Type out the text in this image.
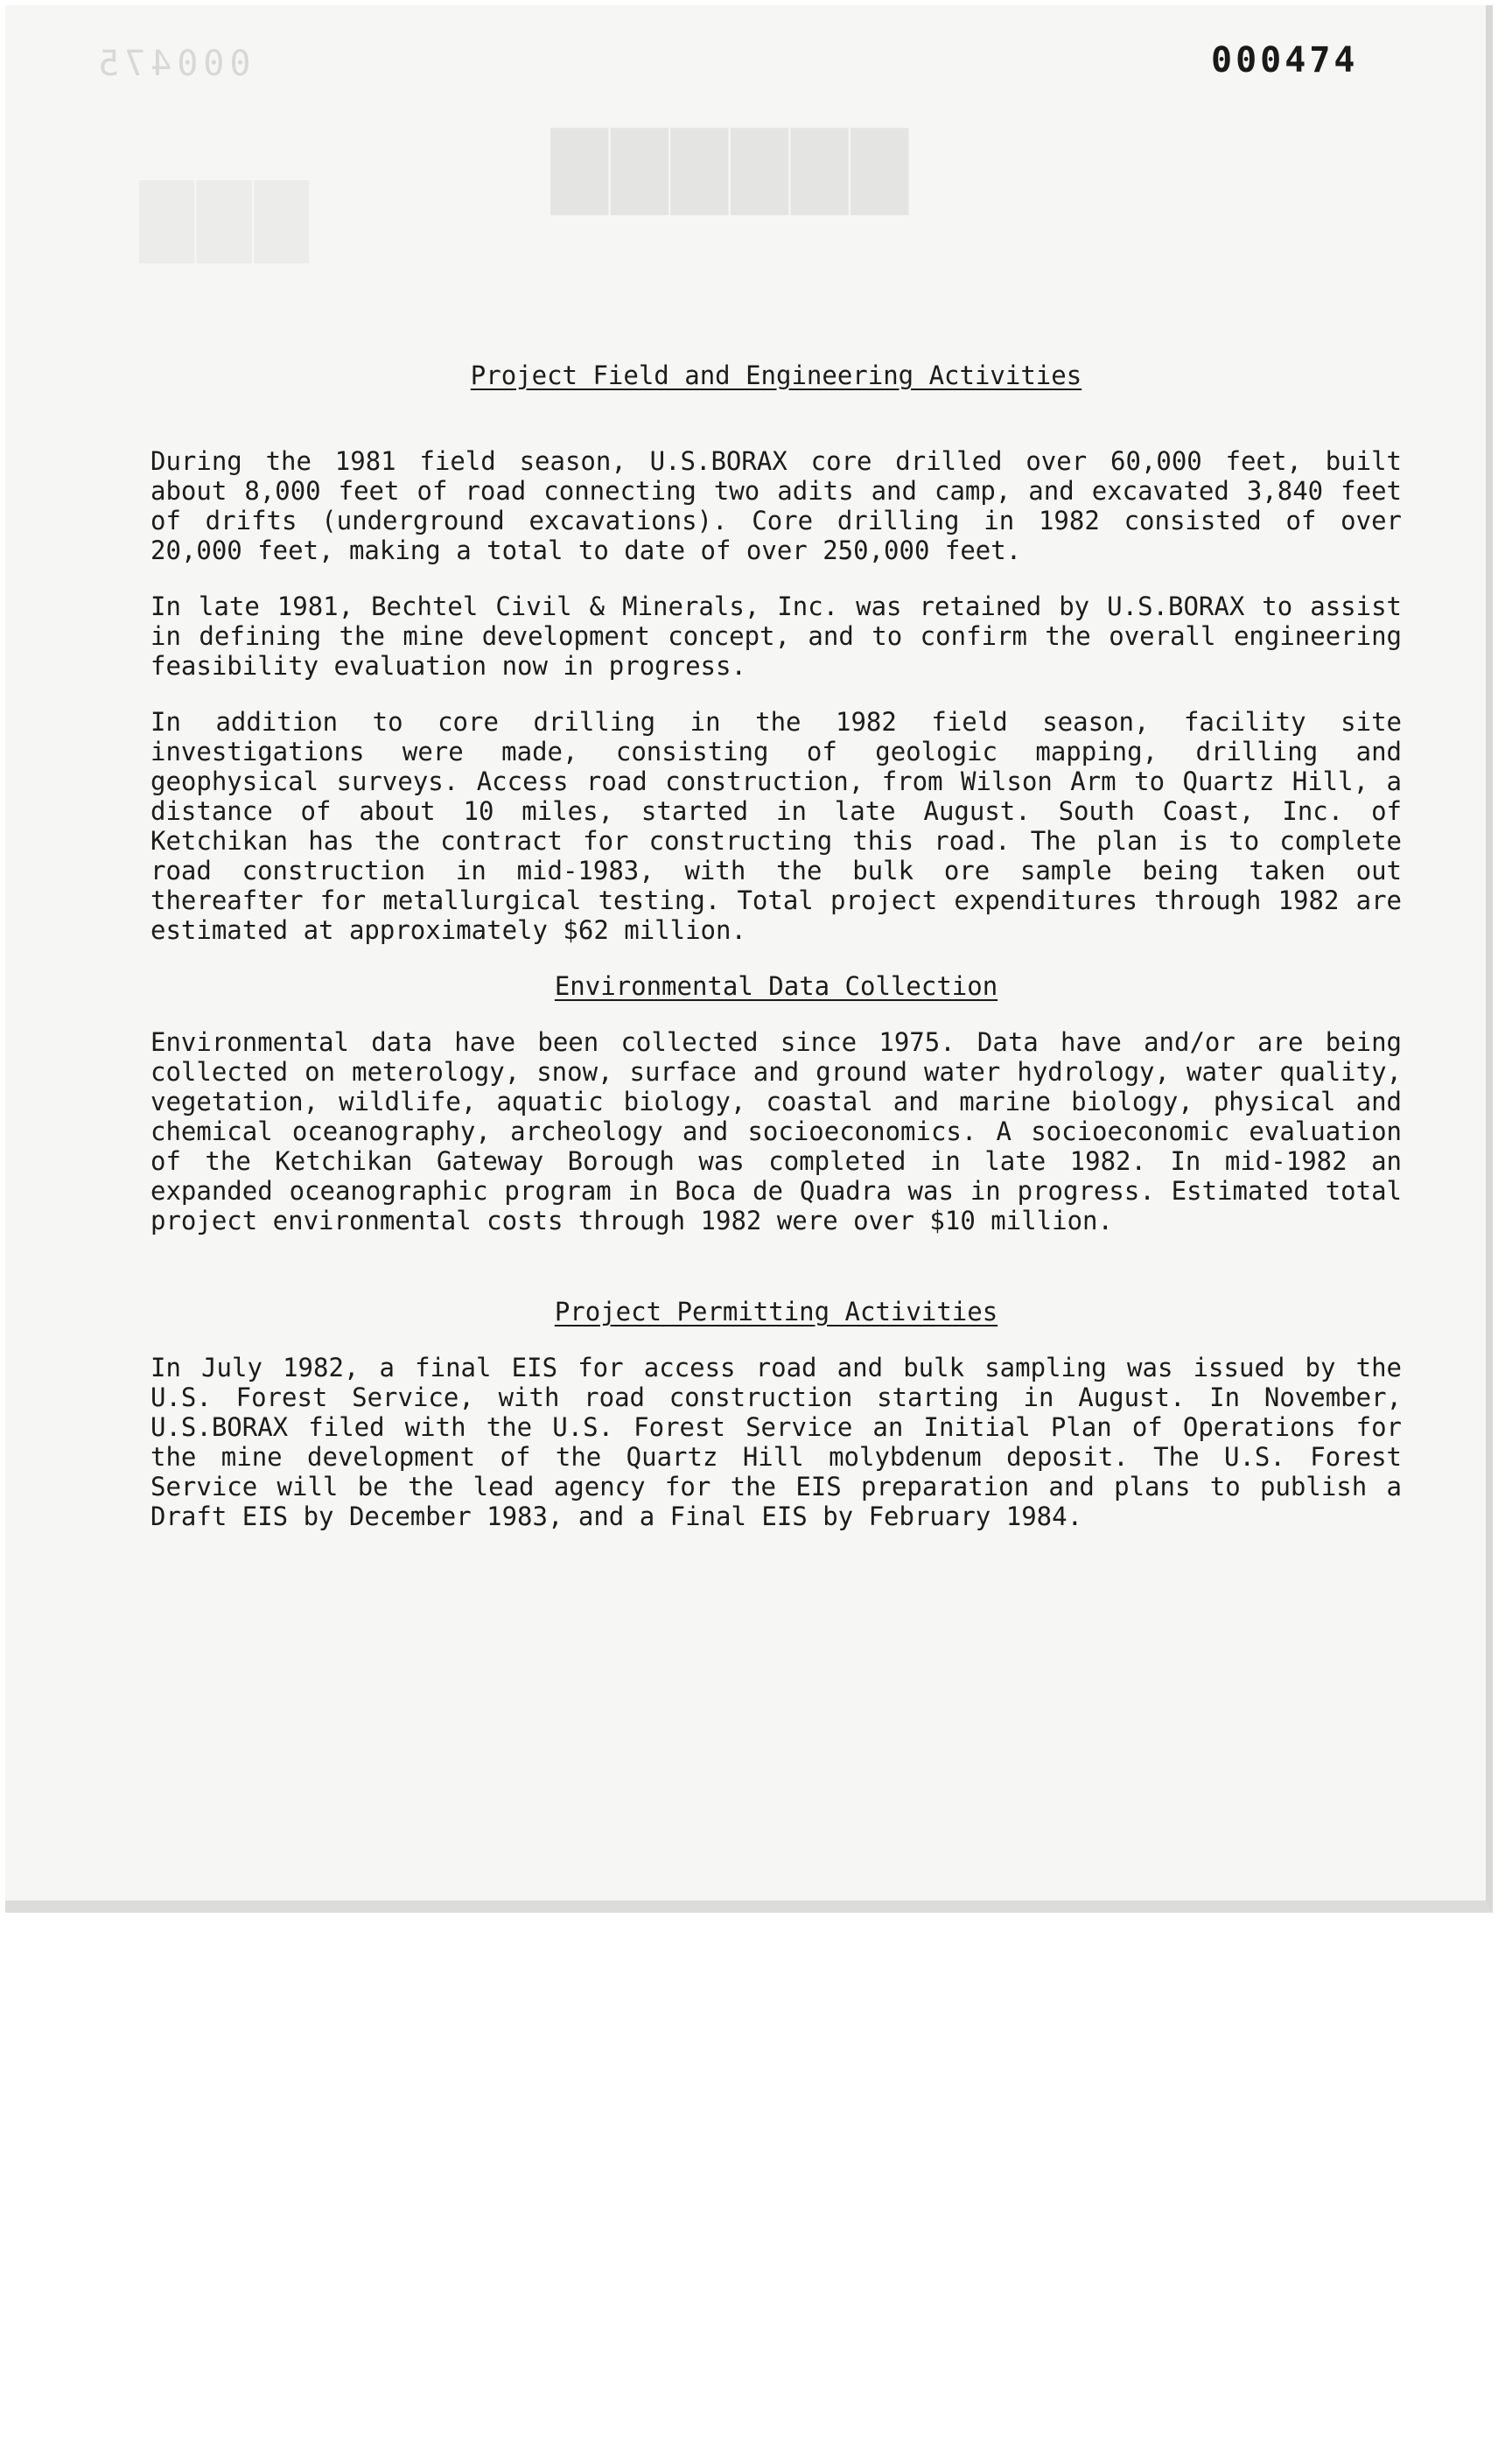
000475
██████
███
000474
Project Field and Engineering Activities

During the 1981 field season, U.S.BORAX core drilled over 60,000 feet, built about 8,000 feet of road connecting two adits and camp, and excavated 3,840 feet of drifts (underground excavations). Core drilling in 1982 consisted of over 20,000 feet, making a total to date of over 250,000 feet.

In late 1981, Bechtel Civil & Minerals, Inc. was retained by U.S.BORAX to assist in defining the mine development concept, and to confirm the overall engineering feasibility evaluation now in progress.

In addition to core drilling in the 1982 field season, facility site investigations were made, consisting of geologic mapping, drilling and geophysical surveys. Access road construction, from Wilson Arm to Quartz Hill, a distance of about 10 miles, started in late August. South Coast, Inc. of Ketchikan has the contract for constructing this road. The plan is to complete road construction in mid-1983, with the bulk ore sample being taken out thereafter for metallurgical testing. Total project expenditures through 1982 are estimated at approximately $62 million.

Environmental Data Collection

Environmental data have been collected since 1975. Data have and/or are being collected on meterology, snow, surface and ground water hydrology, water quality, vegetation, wildlife, aquatic biology, coastal and marine biology, physical and chemical oceanography, archeology and socioeconomics. A socioeconomic evaluation of the Ketchikan Gateway Borough was completed in late 1982. In mid-1982 an expanded oceanographic program in Boca de Quadra was in progress. Estimated total project environmental costs through 1982 were over $10 million.

Project Permitting Activities

In July 1982, a final EIS for access road and bulk sampling was issued by the U.S. Forest Service, with road construction starting in August. In November, U.S.BORAX filed with the U.S. Forest Service an Initial Plan of Operations for the mine development of the Quartz Hill molybdenum deposit. The U.S. Forest Service will be the lead agency for the EIS preparation and plans to publish a Draft EIS by December 1983, and a Final EIS by February 1984.
